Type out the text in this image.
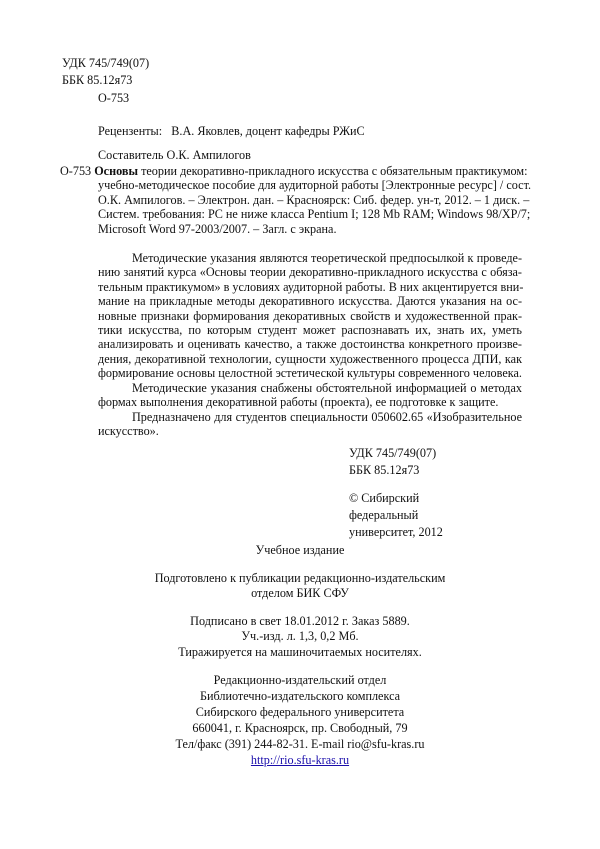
УДК 745/749(07)
ББК 85.12я73
О-753
Рецензенты: В.А. Яковлев, доцент кафедры РЖиС
Составитель О.К. Ампилогов
О-753 Основы теории декоративно-прикладного искусства с обязательным практикумом:
учебно-методическое пособие для аудиторной работы [Электронные ресурс] / сост.
О.К. Ампилогов. – Электрон. дан. – Красноярск: Сиб. федер. ун-т, 2012. – 1 диск. –
Систем. требования: PC не ниже класса Pentium I; 128 Mb RAM; Windows 98/XP/7;
Microsoft Word 97-2003/2007. – Загл. с экрана.
Методические указания являются теоретической предпосылкой к проведе-
нию занятий курса «Основы теории декоративно-прикладного искусства с обяза-
тельным практикумом» в условиях аудиторной работы. В них акцентируется вни-
мание на прикладные методы декоративного искусства. Даются указания на ос-
новные признаки формирования декоративных свойств и художественной прак-
тики искусства, по которым студент может распознавать их, знать их, уметь
анализировать и оценивать качество, а также достоинства конкретного произве-
дения, декоративной технологии, сущности художественного процесса ДПИ, как
формирование основы целостной эстетической культуры современного человека.
Методические указания снабжены обстоятельной информацией о методах
формах выполнения декоративной работы (проекта), ее подготовке к защите.
Предназначено для студентов специальности 050602.65 «Изобразительное
искусство».
УДК 745/749(07)
ББК 85.12я73
© Сибирский
федеральный
университет, 2012
Учебное издание
Подготовлено к публикации редакционно-издательским
отделом БИК СФУ
Подписано в свет 18.01.2012 г. Заказ 5889.
Уч.-изд. л. 1,3, 0,2 Мб.
Тиражируется на машиночитаемых носителях.
Редакционно-издательский отдел
Библиотечно-издательского комплекса
Сибирского федерального университета
660041, г. Красноярск, пр. Свободный, 79
Тел/факс (391) 244-82-31. E-mail rio@sfu-kras.ru
http://rio.sfu-kras.ru
